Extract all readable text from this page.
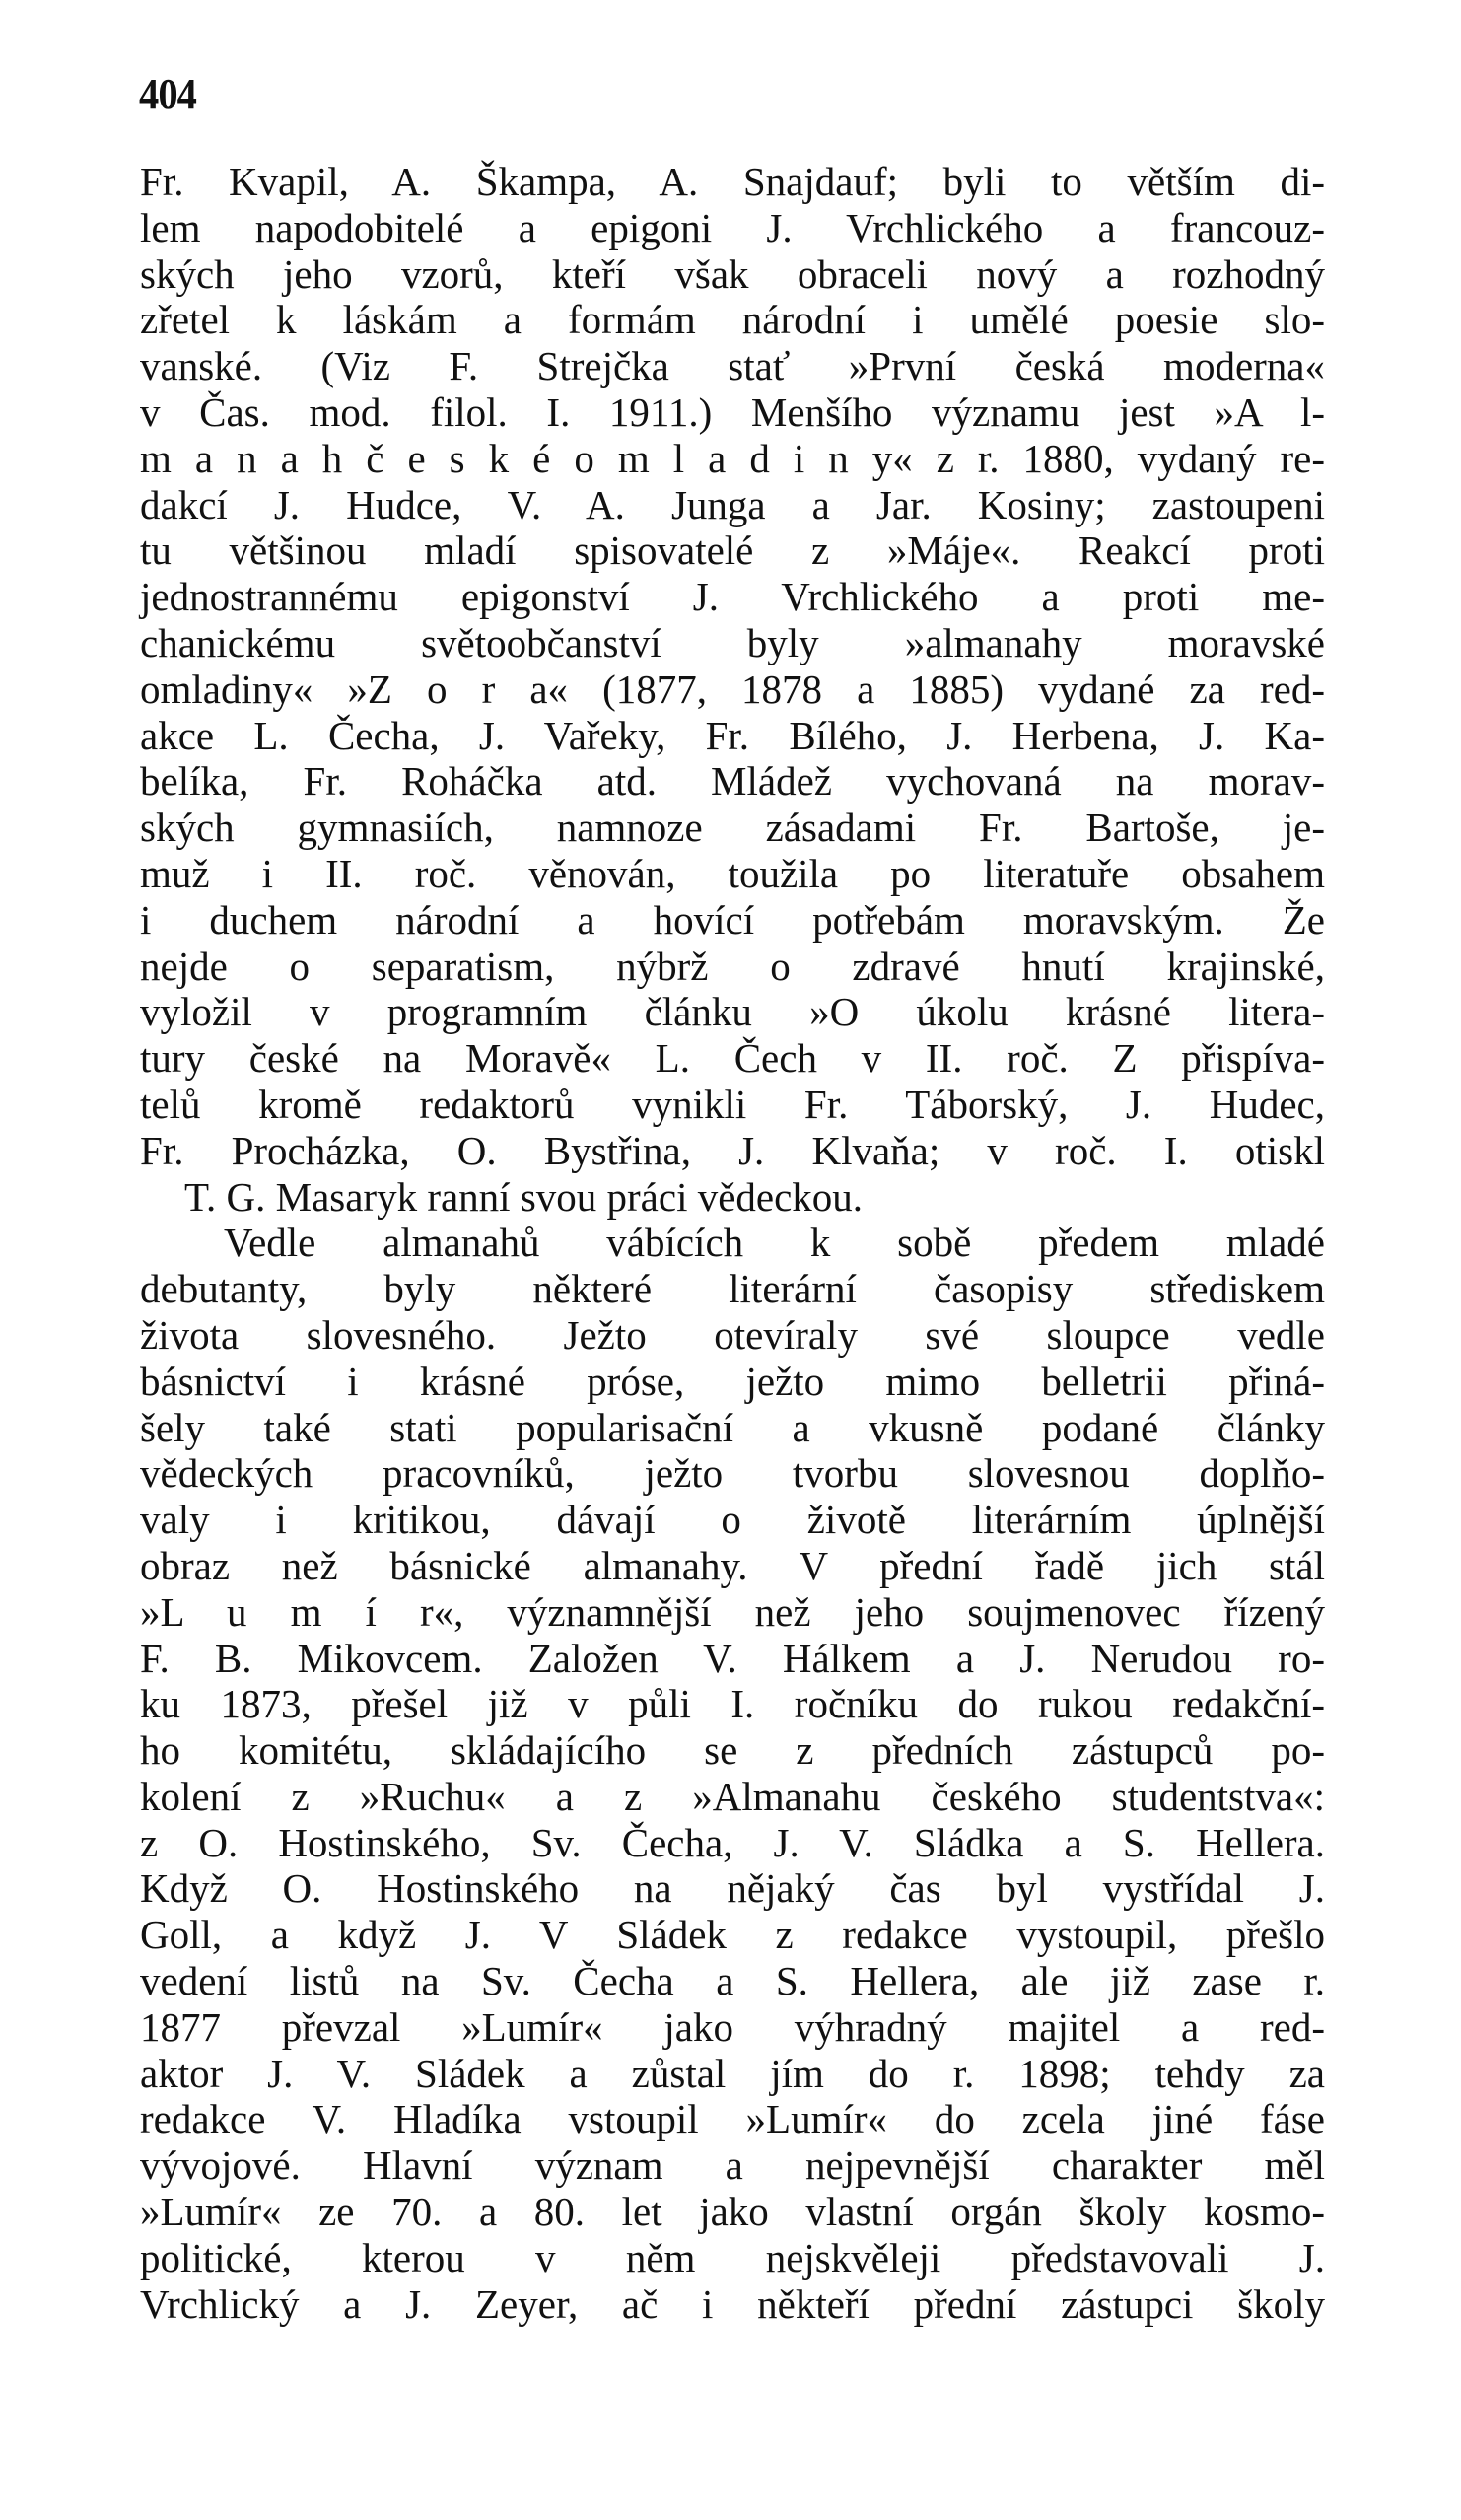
404
Fr. Kvapil, A. Škampa, A. Snajdauf; byli to větším di-
lem napodobitelé a epigoni J. Vrchlického a francouz-
ských jeho vzorů, kteří však obraceli nový a rozhodný
zřetel k láskám a formám národní i umělé poesie slo-
vanské. (Viz F. Strejčka stať »První česká moderna«
v Čas. mod. filol. I. 1911.) Menšího významu jest »A l-
m a n a h č e s k é o m l a d i n y« z r. 1880, vydaný re-
dakcí J. Hudce, V. A. Junga a Jar. Kosiny; zastoupeni
tu většinou mladí spisovatelé z »Máje«. Reakcí proti
jednostrannému epigonství J. Vrchlického a proti me-
chanickému světoobčanství byly »almanahy moravské
omladiny« »Z o r a« (1877, 1878 a 1885) vydané za red-
akce L. Čecha, J. Vařeky, Fr. Bílého, J. Herbena, J. Ka-
belíka, Fr. Roháčka atd. Mládež vychovaná na morav-
ských gymnasiích, namnoze zásadami Fr. Bartoše, je-
muž i II. roč. věnován, toužila po literatuře obsahem
i duchem národní a hovící potřebám moravským. Že
nejde o separatism, nýbrž o zdravé hnutí krajinské,
vyložil v programním článku »O úkolu krásné litera-
tury české na Moravě« L. Čech v II. roč. Z přispíva-
telů kromě redaktorů vynikli Fr. Táborský, J. Hudec,
Fr. Procházka, O. Bystřina, J. Klvaňa; v roč. I. otiskl
T. G. Masaryk ranní svou práci vědeckou.
Vedle almanahů vábících k sobě předem mladé
debutanty, byly některé literární časopisy střediskem
života slovesného. Ježto otevíraly své sloupce vedle
básnictví i krásné próse, ježto mimo belletrii přiná-
šely také stati popularisační a vkusně podané články
vědeckých pracovníků, ježto tvorbu slovesnou doplňo-
valy i kritikou, dávají o životě literárním úplnější
obraz než básnické almanahy. V přední řadě jich stál
»L u m í r«, významnější než jeho soujmenovec řízený
F. B. Mikovcem. Založen V. Hálkem a J. Nerudou ro-
ku 1873, přešel již v půli I. ročníku do rukou redakční-
ho komitétu, skládajícího se z předních zástupců po-
kolení z »Ruchu« a z »Almanahu českého studentstva«:
z O. Hostinského, Sv. Čecha, J. V. Sládka a S. Hellera.
Když O. Hostinského na nějaký čas byl vystřídal J.
Goll, a když J. V Sládek z redakce vystoupil, přešlo
vedení listů na Sv. Čecha a S. Hellera, ale již zase r.
1877 převzal »Lumír« jako výhradný majitel a red-
aktor J. V. Sládek a zůstal jím do r. 1898; tehdy za
redakce V. Hladíka vstoupil »Lumír« do zcela jiné fáse
vývojové. Hlavní význam a nejpevnější charakter měl
»Lumír« ze 70. a 80. let jako vlastní orgán školy kosmo-
politické, kterou v něm nejskvěleji představovali J.
Vrchlický a J. Zeyer, ač i někteří přední zástupci školy
